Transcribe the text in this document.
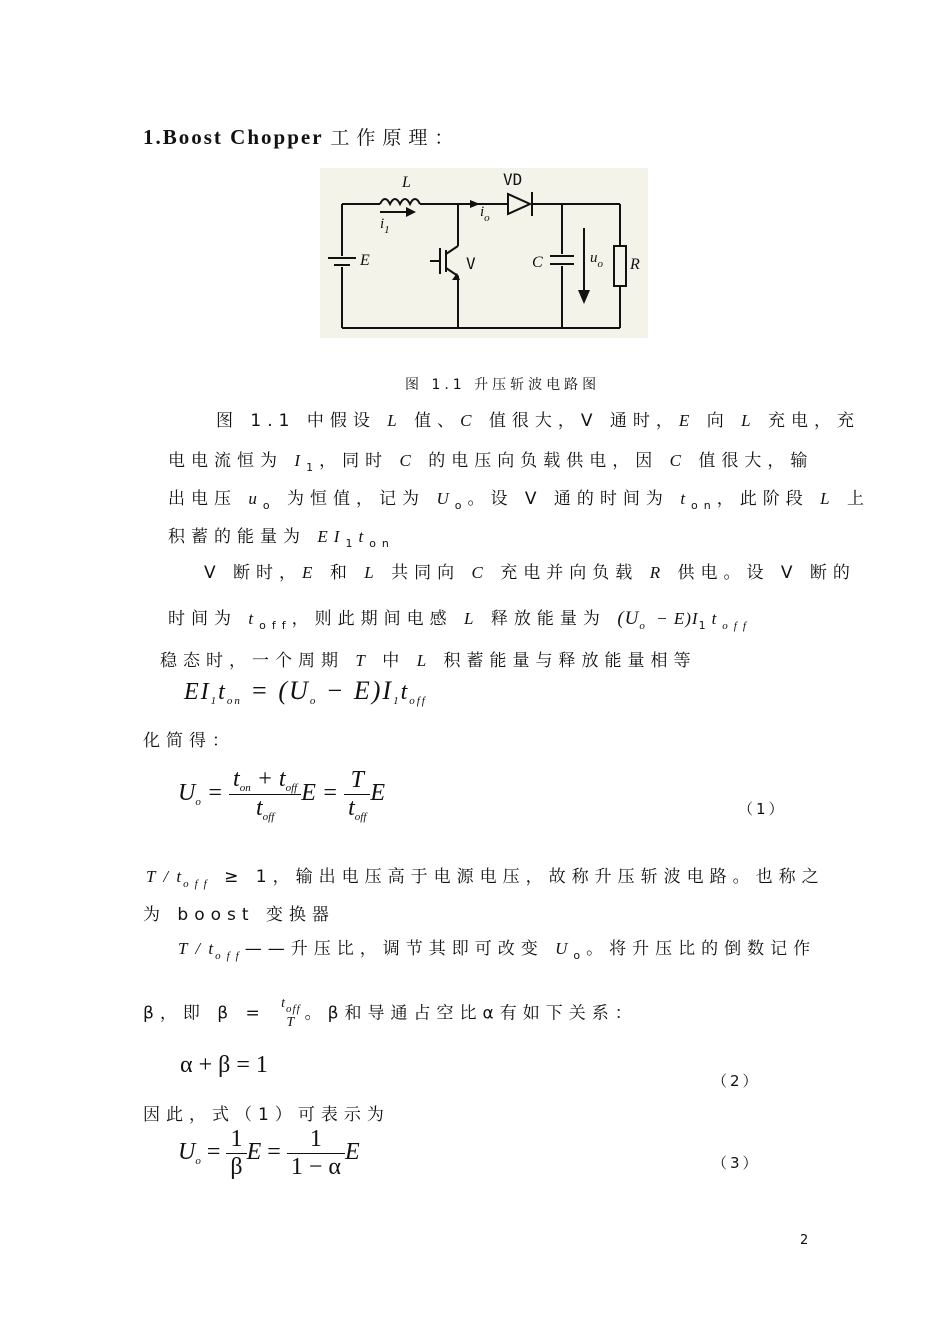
1.Boost Chopper 工作原理：
L	VD
$i_1$
$i_o$
E	V	C	$u_o$ R
图 1.1 升压斩波电路图
图 1.1 中假设 L 值、C 值很大，V 通时，E 向 L 充电，充
电电流恒为 $I_1$，同时 C 的电压向负载供电，因 C 值很大，输
出电压 $u_o$ 为恒值，记为 $U_o$。设 V 通的时间为 $t_{on}$，此阶段 L 上
积蓄的能量为 $EI_1t_{on}$
V 断时，E 和 L 共同向 C 充电并向负载 R 供电。设 V 断的
时间为 $t_{off}$，则此期间电感 L 释放能量为 $(U_o - E)I_1t_{off}$
稳态时，一个周期 T 中 L 积蓄能量与释放能量相等
$EI_1t_{on} = (U_o - E)I_1t_{off}$
化简得：
$U_o = \frac{t_{on} + t_{off}}{t_{off}}$ $E = \frac{T}{t_{off}}$ E
（1）
$T / t_{off} \ge 1$，输出电压高于电源电压，故称升压斩波电路。也称之
为 boost 变换器
T / $t_{off}——$升压比，调节其即可改变 $U_o$。将升压比的倒数记作
β，即 $\beta = t_{off}$
T 。β和导通占空比α有如下关系：
α + β = 1
（2）
因此，式（1）可表示为
$U_o = \frac{1}{\beta}$ $E = \frac{1}{1 - \alpha}$ E	（3）
2
